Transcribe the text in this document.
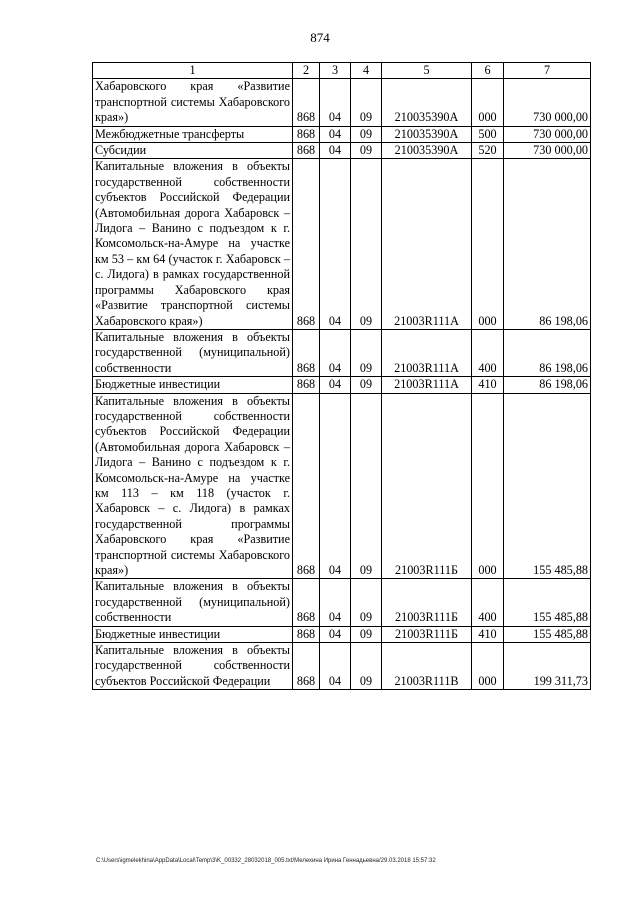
874
1	2	3	4	5	6	7
Хабаровского края «Развитие транспортной системы Хабаровского края»)	868	04	09	210035390А	000	730 000,00
Межбюджетные трансферты	868	04	09	210035390А	500	730 000,00
Субсидии	868	04	09	210035390А	520	730 000,00
Капитальные вложения в объекты государственной собственности субъектов Российской Федерации (Автомобильная дорога Хабаровск – Лидога – Ванино с подъездом к г. Комсомольск-на-Амуре на участке км 53 – км 64 (участок г. Хабаровск – с. Лидога) в рамках государственной программы Хабаровского края «Развитие транспортной системы Хабаровского края»)	868	04	09	21003R111А	000	86 198,06
Капитальные вложения в объекты государственной (муниципальной) собственности	868	04	09	21003R111А	400	86 198,06
Бюджетные инвестиции	868	04	09	21003R111А	410	86 198,06
Капитальные вложения в объекты государственной собственности субъектов Российской Федерации (Автомобильная дорога Хабаровск – Лидога – Ванино с подъездом к г. Комсомольск-на-Амуре на участке км 113 – км 118 (участок г. Хабаровск – с. Лидога) в рамках государственной программы Хабаровского края «Развитие транспортной системы Хабаровского края»)	868	04	09	21003R111Б	000	155 485,88
Капитальные вложения в объекты государственной (муниципальной) собственности	868	04	09	21003R111Б	400	155 485,88
Бюджетные инвестиции	868	04	09	21003R111Б	410	155 485,88
Капитальные вложения в объекты государственной собственности субъектов Российской Федерации	868	04	09	21003R111В	000	199 311,73
C:\Users\igmelekhina\AppData\Local\Temp\3\K_00332_28032018_005.txt/Мелехина Ирина Геннадьевна/29.03.2018 15:57:32
